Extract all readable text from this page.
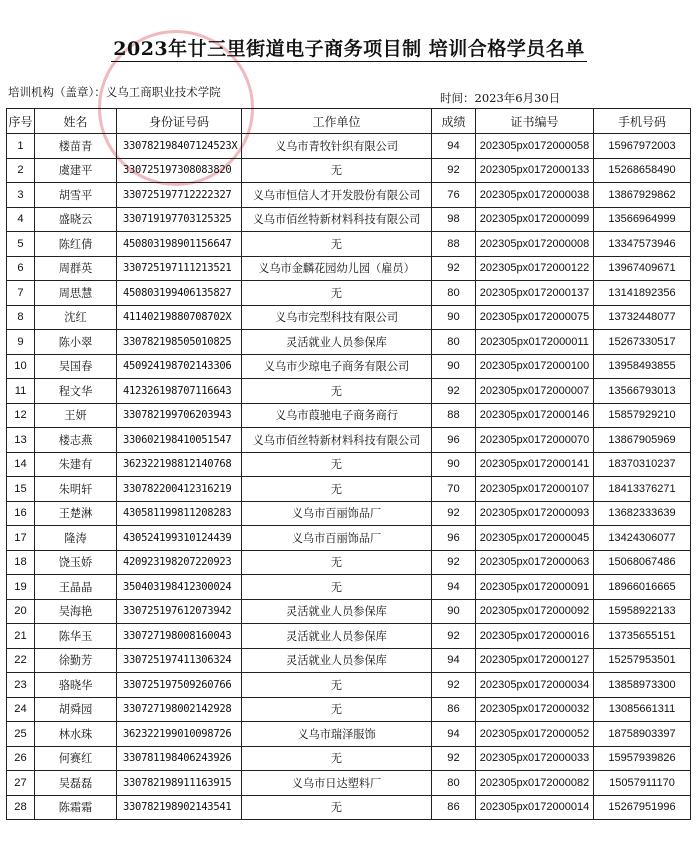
2023年廿三里街道电子商务项目制 培训合格学员名单
培训机构（盖章）：义乌工商职业技术学院	时间：2023年6月30日
序号	姓名	身份证号码	工作单位	成绩	证书编号	手机号码
1	楼苗青	330782198407124523X	义乌市青牧针织有限公司	94	202305px0172000058	15967972003
2	虞建平	330725197308083820	无	92	202305px0172000133	15268658490
3	胡雪平	330725197712222327	义乌市恒信人才开发股份有限公司	76	202305px0172000038	13867929862
4	盛晓云	330719197703125325	义乌市佰丝特新材料科技有限公司	98	202305px0172000099	13566964999
5	陈红倩	450803198901156647	无	88	202305px0172000008	13347573946
6	周群英	330725197111213521	义乌市金麟花园幼儿园（雇员）	92	202305px0172000122	13967409671
7	周思慧	450803199406135827	无	80	202305px0172000137	13141892356
8	沈红	41140219880708702X	义乌市完型科技有限公司	90	202305px0172000075	13732448077
9	陈小翠	330782198505010825	灵活就业人员参保库	80	202305px0172000011	15267330517
10	吴国春	450924198702143306	义乌市少琼电子商务有限公司	90	202305px0172000100	13958493855
11	程文华	412326198707116643	无	92	202305px0172000007	13566793013
12	王妍	330782199706203943	义乌市葭驰电子商务商行	88	202305px0172000146	15857929210
13	楼志燕	330602198410051547	义乌市佰丝特新材料科技有限公司	96	202305px0172000070	13867905969
14	朱建有	362322198812140768	无	90	202305px0172000141	18370310237
15	朱明轩	330782200412316219	无	70	202305px0172000107	18413376271
16	王楚淋	430581199811208283	义乌市百丽饰品厂	92	202305px0172000093	13682333639
17	隆涛	430524199310124439	义乌市百丽饰品厂	96	202305px0172000045	13424306077
18	饶玉娇	420923198207220923	无	92	202305px0172000063	15068067486
19	王晶晶	350403198412300024	无	94	202305px0172000091	18966016665
20	吴海艳	330725197612073942	灵活就业人员参保库	90	202305px0172000092	15958922133
21	陈华玉	330727198008160043	灵活就业人员参保库	92	202305px0172000016	13735655151
22	徐勤芳	330725197411306324	灵活就业人员参保库	94	202305px0172000127	15257953501
23	骆晓华	330725197509260766	无	92	202305px0172000034	13858973300
24	胡舜园	330727198002142928	无	86	202305px0172000032	13085661311
25	林水珠	362322199010098726	义乌市瑞泽服饰	94	202305px0172000052	18758903397
26	何赛红	330781198406243926	无	92	202305px0172000033	15957939826
27	吴磊磊	330782198911163915	义乌市日达塑料厂	80	202305px0172000082	15057911170
28	陈霜霜	330782198902143541	无	86	202305px0172000014	15267951996
